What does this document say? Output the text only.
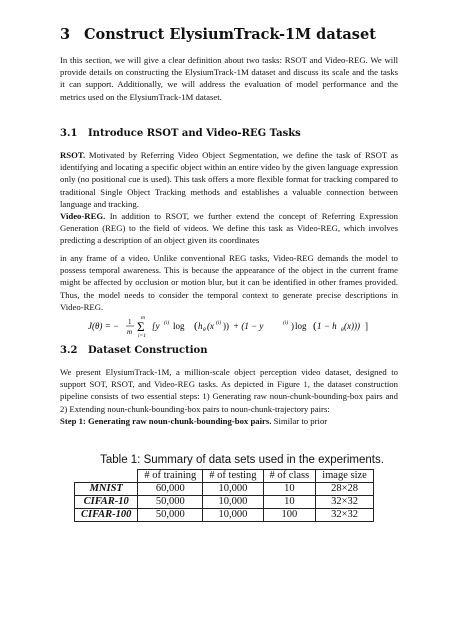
3 Construct ElysiumTrack-1M dataset
In this section, we will give a clear definition about two tasks: RSOT and Video-REG. We will provide details on constructing the ElysiumTrack-1M dataset and discuss its scale and the tasks it can support. Additionally, we will address the evaluation of model performance and the metrics used on the ElysiumTrack-1M dataset.
3.1 Introduce RSOT and Video-REG Tasks
RSOT. Motivated by Referring Video Object Segmentation, we define the task of RSOT as identifying and locating a specific object within an entire video by the given language expression only (no positional cue is used). This task offers a more flexible format for tracking compared to traditional Single Object Tracking methods and establishes a valuable connection between language and tracking.
Video-REG. In addition to RSOT, we further extend the concept of Referring Expression Generation (REG) to the field of videos. We define this task as Video-REG, which involves predicting a description of an object given its coordinates
in any frame of a video. Unlike conventional REG tasks, Video-REG demands the model to possess temporal awareness. This is because the appearance of the object in the current frame might be affected by occlusion or motion blur, but it can be identified in other frames provided. Thus, the model needs to consider the temporal context to generate precise descriptions in Video-REG.
J(θ) = − 1
m
m
Σ
i=1
[y (i) log ( h θ (x (i) )) + (1 − y	(i) ) log ( 1 − h θ (x))) ]
3.2 Dataset Construction
We present ElysiumTrack-1M, a million-scale object perception video dataset, designed to support SOT, RSOT, and Video-REG tasks. As depicted in Figure 1, the dataset construction pipeline consists of two essential steps: 1) Generating raw noun-chunk-bounding-box pairs and 2) Extending noun-chunk-bounding-box pairs to noun-chunk-trajectory pairs:
Step 1: Generating raw noun-chunk-bounding-box pairs. Similar to prior
Table 1: Summary of data sets used in the experiments.
	# of training	# of testing	# of class	image size
MNIST	60,000	10,000	10	28×28
CIFAR-10	50,000	10,000	10	32×32
CIFAR-100	50,000	10,000	100	32×32
